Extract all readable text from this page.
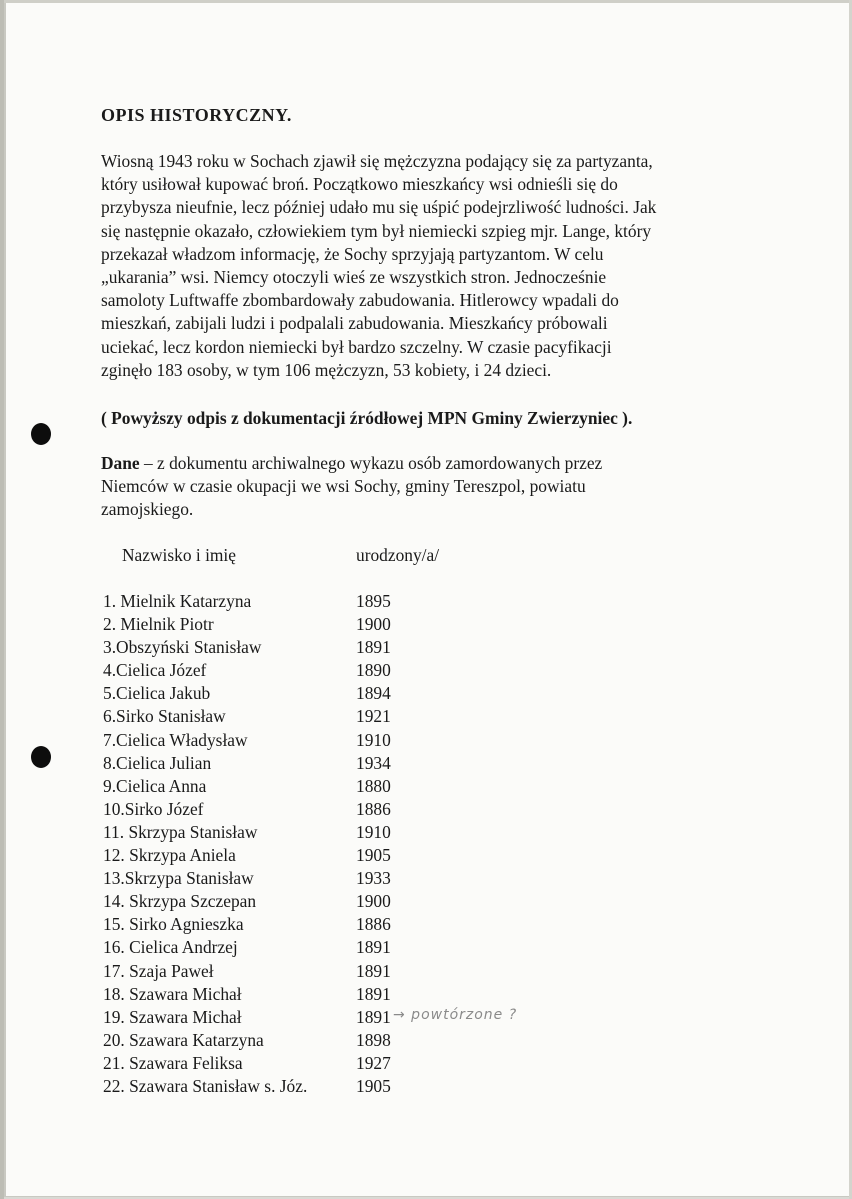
OPIS HISTORYCZNY.
Wiosną 1943 roku w Sochach zjawił się mężczyzna podający się za partyzanta,
który usiłował kupować broń. Początkowo mieszkańcy wsi odnieśli się do
przybysza nieufnie, lecz później udało mu się uśpić podejrzliwość ludności. Jak
się następnie okazało, człowiekiem tym był niemiecki szpieg mjr. Lange, który
przekazał władzom informację, że Sochy sprzyjają partyzantom. W celu
„ukarania” wsi. Niemcy otoczyli wieś ze wszystkich stron. Jednocześnie
samoloty Luftwaffe zbombardowały zabudowania. Hitlerowcy wpadali do
mieszkań, zabijali ludzi i podpalali zabudowania. Mieszkańcy próbowali
uciekać, lecz kordon niemiecki był bardzo szczelny. W czasie pacyfikacji
zginęło 183 osoby, w tym 106 mężczyzn, 53 kobiety, i 24 dzieci.
( Powyższy odpis z dokumentacji źródłowej MPN Gminy Zwierzyniec ).
Dane – z dokumentu archiwalnego wykazu osób zamordowanych przez
Niemców w czasie okupacji we wsi Sochy, gminy Tereszpol, powiatu
zamojskiego.
Nazwisko i imię	urodzony/a/
1. Mielnik Katarzyna	1895
2. Mielnik Piotr	1900
3.Obszyński Stanisław	1891
4.Cielica Józef	1890
5.Cielica Jakub	1894
6.Sirko Stanisław	1921
7.Cielica Władysław	1910
8.Cielica Julian	1934
9.Cielica Anna	1880
10.Sirko Józef	1886
11. Skrzypa Stanisław	1910
12. Skrzypa Aniela	1905
13.Skrzypa Stanisław	1933
14. Skrzypa Szczepan	1900
15. Sirko Agnieszka	1886
16. Cielica Andrzej	1891
17. Szaja Paweł	1891
18. Szawara Michał	1891
19. Szawara Michał	1891 → powtórzone ?
20. Szawara Katarzyna	1898
21. Szawara Feliksa	1927
22. Szawara Stanisław s. Józ.	1905
